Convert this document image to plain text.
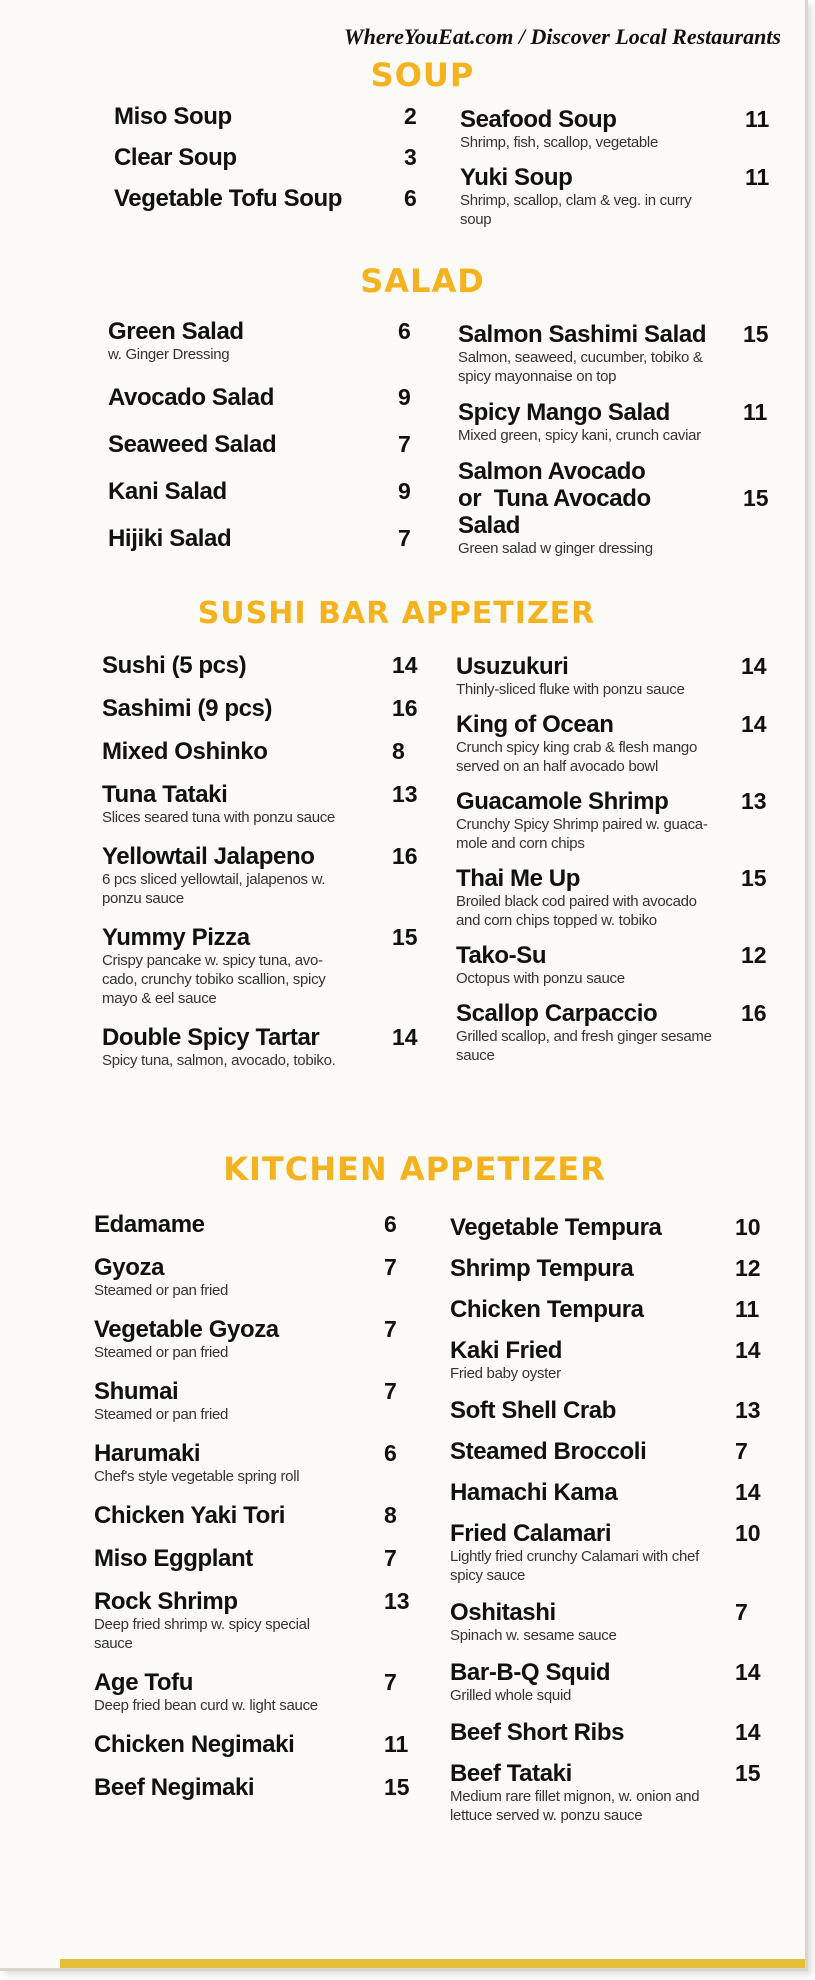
WhereYouEat.com / Discover Local Restaurants
SOUP
Miso Soup	2
Clear Soup	3
Vegetable Tofu Soup	6
Seafood Soup	11
Shrimp, fish, scallop, vegetable
Yuki Soup	11
Shrimp, scallop, clam & veg. in curry soup
SALAD
Green Salad	6
w. Ginger Dressing
Avocado Salad	9
Seaweed Salad	7
Kani Salad	9
Hijiki Salad	7
Salmon Sashimi Salad	15
Salmon, seaweed, cucumber, tobiko & spicy mayonnaise on top
Spicy Mango Salad	11
Mixed green, spicy kani, crunch caviar
Salmon Avocado or  Tuna Avocado Salad
15
Green salad w ginger dressing
SUSHI BAR APPETIZER
Sushi (5 pcs)	14
Sashimi (9 pcs)	16
Mixed Oshinko	8
Tuna Tataki	13
Slices seared tuna with ponzu sauce
Yellowtail Jalapeno	16
6 pcs sliced yellowtail, jalapenos w. ponzu sauce
Yummy Pizza	15
Crispy pancake w. spicy tuna, avo-cado, crunchy tobiko scallion, spicy mayo & eel sauce
Double Spicy Tartar	14
Spicy tuna, salmon, avocado, tobiko.
Usuzukuri	14
Thinly-sliced fluke with ponzu sauce
King of Ocean	14
Crunch spicy king crab & flesh mango served on an half avocado bowl
Guacamole Shrimp	13
Crunchy Spicy Shrimp paired w. guaca-mole and corn chips
Thai Me Up	15
Broiled black cod paired with avocado and corn chips topped w. tobiko
Tako-Su	12
Octopus with ponzu sauce
Scallop Carpaccio	16
Grilled scallop, and fresh ginger sesame sauce
KITCHEN APPETIZER
Edamame	6
Gyoza	7
Steamed or pan fried
Vegetable Gyoza	7
Steamed or pan fried
Shumai	7
Steamed or pan fried
Harumaki	6
Chef's style vegetable spring roll
Chicken Yaki Tori	8
Miso Eggplant	7
Rock Shrimp	13
Deep fried shrimp w. spicy special sauce
Age Tofu	7
Deep fried bean curd w. light sauce
Chicken Negimaki	11
Beef Negimaki	15
Vegetable Tempura	10
Shrimp Tempura	12
Chicken Tempura	11
Kaki Fried	14
Fried baby oyster
Soft Shell Crab	13
Steamed Broccoli	7
Hamachi Kama	14
Fried Calamari	10
Lightly fried crunchy Calamari with chef spicy sauce
Oshitashi	7
Spinach w. sesame sauce
Bar-B-Q Squid	14
Grilled whole squid
Beef Short Ribs	14
Beef Tataki	15
Medium rare fillet mignon, w. onion and lettuce served w. ponzu sauce
